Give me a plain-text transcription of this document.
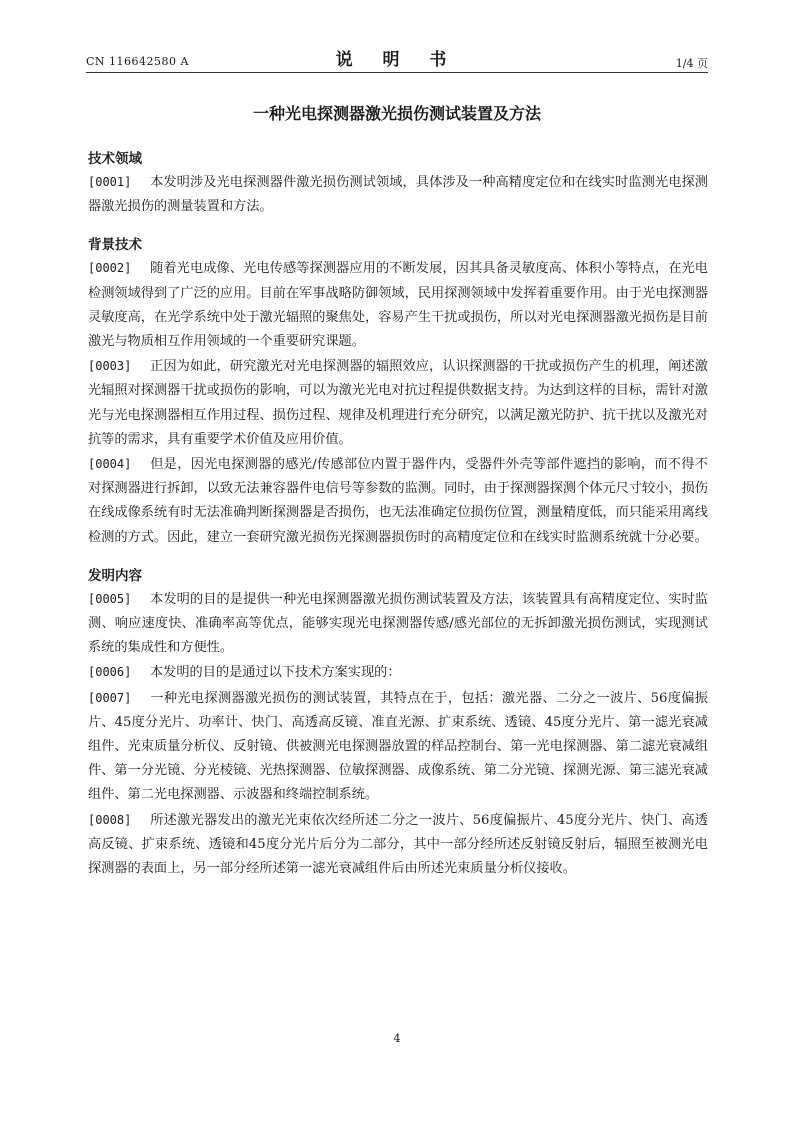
CN 116642580 A	说 明 书	1/4 页
一种光电探测器激光损伤测试装置及方法

技术领域

[0001] 本发明涉及光电探测器件激光损伤测试领域，具体涉及一种高精度定位和在线实时监测光电探测器激光损伤的测量装置和方法。

背景技术

[0002] 随着光电成像、光电传感等探测器应用的不断发展，因其具备灵敏度高、体积小等特点，在光电检测领域得到了广泛的应用。目前在军事战略防御领域，民用探测领域中发挥着重要作用。由于光电探测器灵敏度高，在光学系统中处于激光辐照的聚焦处，容易产生干扰或损伤，所以对光电探测器激光损伤是目前激光与物质相互作用领域的一个重要研究课题。

[0003] 正因为如此，研究激光对光电探测器的辐照效应，认识探测器的干扰或损伤产生的机理，阐述激光辐照对探测器干扰或损伤的影响，可以为激光光电对抗过程提供数据支持。为达到这样的目标，需针对激光与光电探测器相互作用过程、损伤过程、规律及机理进行充分研究，以满足激光防护、抗干扰以及激光对抗等的需求，具有重要学术价值及应用价值。

[0004] 但是，因光电探测器的感光/传感部位内置于器件内，受器件外壳等部件遮挡的影响，而不得不对探测器进行拆卸，以致无法兼容器件电信号等参数的监测。同时，由于探测器探测个体元尺寸较小，损伤在线成像系统有时无法准确判断探测器是否损伤，也无法准确定位损伤位置，测量精度低，而只能采用离线检测的方式。因此，建立一套研究激光损伤光探测器损伤时的高精度定位和在线实时监测系统就十分必要。

发明内容

[0005] 本发明的目的是提供一种光电探测器激光损伤测试装置及方法，该装置具有高精度定位、实时监测、响应速度快、准确率高等优点，能够实现光电探测器传感/感光部位的无拆卸激光损伤测试，实现测试系统的集成性和方便性。

[0006] 本发明的目的是通过以下技术方案实现的：

[0007] 一种光电探测器激光损伤的测试装置，其特点在于，包括：激光器、二分之一波片、56度偏振片、45度分光片、功率计、快门、高透高反镜、准直光源、扩束系统、透镜、45度分光片、第一滤光衰减组件、光束质量分析仪、反射镜、供被测光电探测器放置的样品控制台、第一光电探测器、第二滤光衰减组件、第一分光镜、分光棱镜、光热探测器、位敏探测器、成像系统、第二分光镜、探测光源、第三滤光衰减组件、第二光电探测器、示波器和终端控制系统。

[0008] 所述激光器发出的激光光束依次经所述二分之一波片、56度偏振片、45度分光片、快门、高透高反镜、扩束系统、透镜和45度分光片后分为二部分，其中一部分经所述反射镜反射后，辐照至被测光电探测器的表面上，另一部分经所述第一滤光衰减组件后由所述光束质量分析仪接收。

4
